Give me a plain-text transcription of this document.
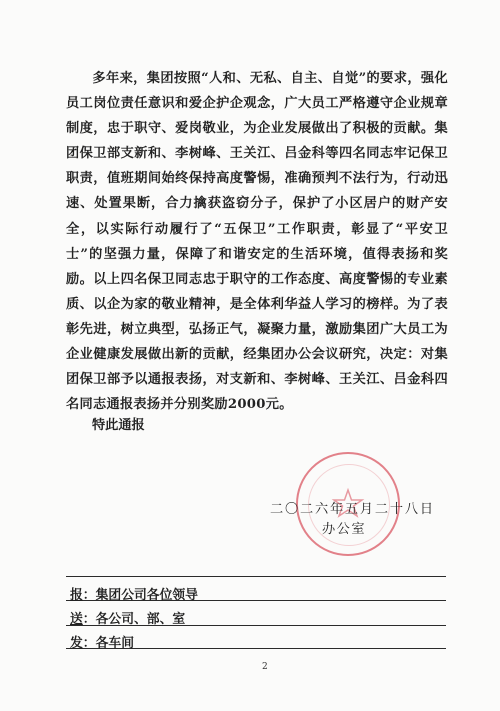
多年来，集团按照“人和、无私、自主、自觉”的要求，强化员工岗位责任意识和爱企护企观念，广大员工严格遵守企业规章制度，忠于职守、爱岗敬业，为企业发展做出了积极的贡献。集团保卫部支新和、李树峰、王关江、吕金科等四名同志牢记保卫职责，值班期间始终保持高度警惕，准确预判不法行为，行动迅速、处置果断，合力擒获盗窃分子，保护了小区居户的财产安全，以实际行动履行了“五保卫”工作职责，彰显了“平安卫士”的坚强力量，保障了和谐安定的生活环境，值得表扬和奖励。以上四名保卫同志忠于职守的工作态度、高度警惕的专业素质、以企为家的敬业精神，是全体利华益人学习的榜样。为了表彰先进，树立典型，弘扬正气，凝聚力量，激励集团广大员工为企业健康发展做出新的贡献，经集团办公会议研究，决定：对集团保卫部予以通报表扬，对支新和、李树峰、王关江、吕金科四名同志通报表扬并分别奖励2000元。

特此通报

二〇二六年五月二十八日

办公室

报：集团公司各位领导

送：各公司、部、室

发：各车间

2
